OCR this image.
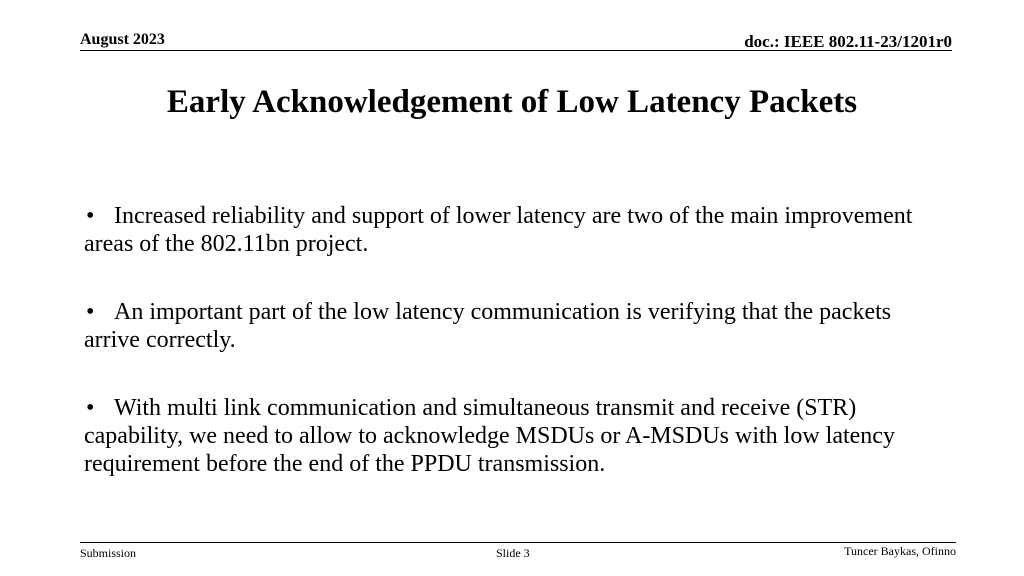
August 2023	doc.: IEEE 802.11-23/1201r0
Early Acknowledgement of Low Latency Packets
• Increased reliability and support of lower latency are two of the main improvement areas of the 802.11bn project.
• An important part of the low latency communication is verifying that the packets arrive correctly.
• With multi link communication and simultaneous transmit and receive (STR) capability, we need to allow to acknowledge MSDUs or A-MSDUs with low latency requirement before the end of the PPDU transmission.
Submission	Slide 3	Tuncer Baykas, Ofinno
